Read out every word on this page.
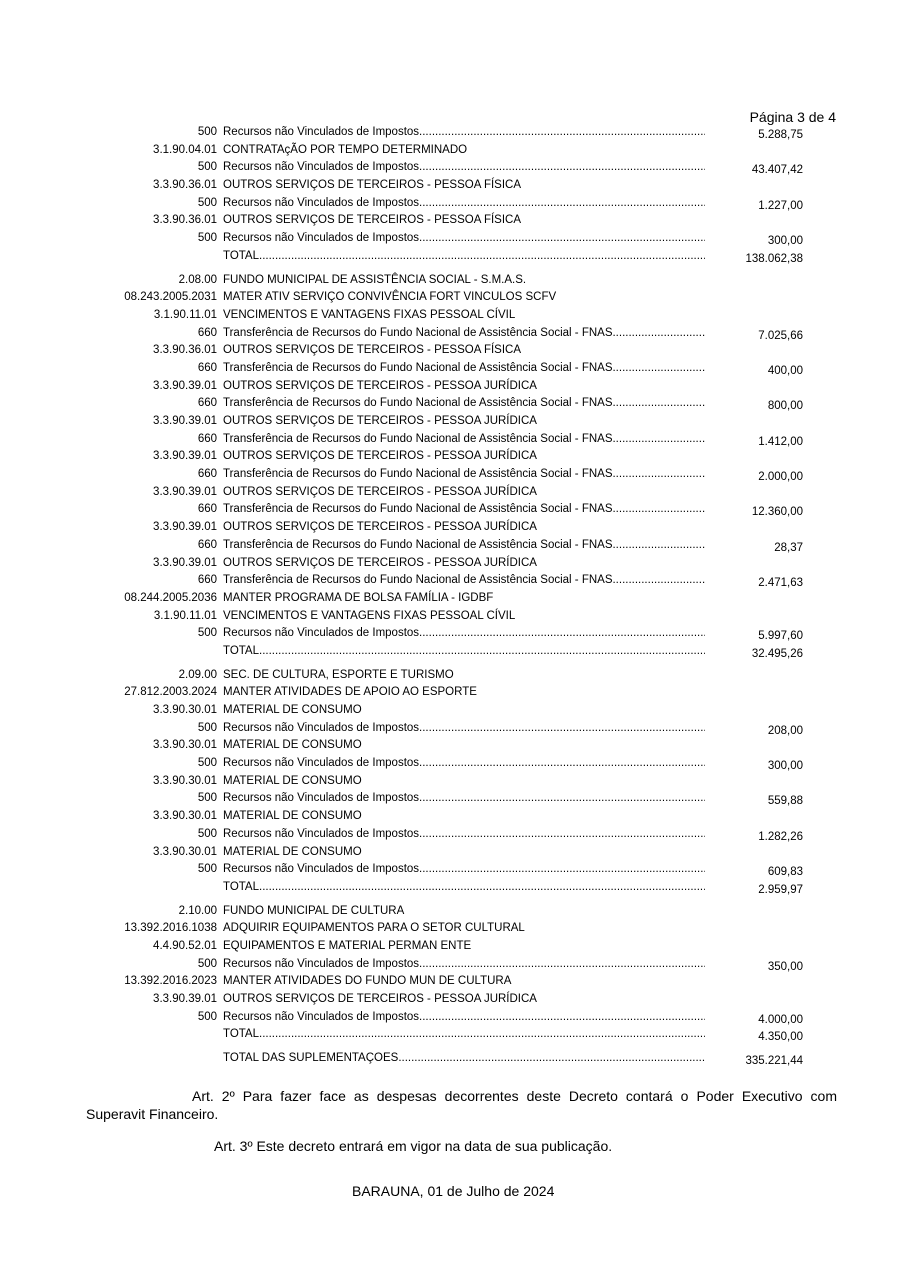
Página 3 de 4
500 Recursos não Vinculados de Impostos .....	5.288,75
3.1.90.04.01 CONTRATAçÃO POR TEMPO DETERMINADO
500 Recursos não Vinculados de Impostos .....	43.407,42
3.3.90.36.01 OUTROS SERVIÇOS DE TERCEIROS - PESSOA FÍSICA
500 Recursos não Vinculados de Impostos .....	1.227,00
3.3.90.36.01 OUTROS SERVIÇOS DE TERCEIROS - PESSOA FÍSICA
500 Recursos não Vinculados de Impostos .....	300,00
TOTAL .....	138.062,38
2.08.00 FUNDO MUNICIPAL DE ASSISTÊNCIA SOCIAL - S.M.A.S.
08.243.2005.2031 MATER ATIV SERVIÇO CONVIVÊNCIA FORT VINCULOS SCFV
3.1.90.11.01 VENCIMENTOS E VANTAGENS FIXAS PESSOAL CÍVIL
660 Transferência de Recursos do Fundo Nacional de Assistência Social - FNAS .....	7.025,66
3.3.90.36.01 OUTROS SERVIÇOS DE TERCEIROS - PESSOA FÍSICA
660 Transferência de Recursos do Fundo Nacional de Assistência Social - FNAS .....	400,00
3.3.90.39.01 OUTROS SERVIÇOS DE TERCEIROS - PESSOA JURÍDICA
660 Transferência de Recursos do Fundo Nacional de Assistência Social - FNAS .....	800,00
3.3.90.39.01 OUTROS SERVIÇOS DE TERCEIROS - PESSOA JURÍDICA
660 Transferência de Recursos do Fundo Nacional de Assistência Social - FNAS .....	1.412,00
3.3.90.39.01 OUTROS SERVIÇOS DE TERCEIROS - PESSOA JURÍDICA
660 Transferência de Recursos do Fundo Nacional de Assistência Social - FNAS .....	2.000,00
3.3.90.39.01 OUTROS SERVIÇOS DE TERCEIROS - PESSOA JURÍDICA
660 Transferência de Recursos do Fundo Nacional de Assistência Social - FNAS .....	12.360,00
3.3.90.39.01 OUTROS SERVIÇOS DE TERCEIROS - PESSOA JURÍDICA
660 Transferência de Recursos do Fundo Nacional de Assistência Social - FNAS .....	28,37
3.3.90.39.01 OUTROS SERVIÇOS DE TERCEIROS - PESSOA JURÍDICA
660 Transferência de Recursos do Fundo Nacional de Assistência Social - FNAS .....	2.471,63
08.244.2005.2036 MANTER PROGRAMA DE BOLSA FAMÍLIA - IGDBF
3.1.90.11.01 VENCIMENTOS E VANTAGENS FIXAS PESSOAL CÍVIL
500 Recursos não Vinculados de Impostos .....	5.997,60
TOTAL .....	32.495,26
2.09.00 SEC. DE CULTURA, ESPORTE E TURISMO
27.812.2003.2024 MANTER ATIVIDADES DE APOIO AO ESPORTE
3.3.90.30.01 MATERIAL DE CONSUMO
500 Recursos não Vinculados de Impostos .....	208,00
3.3.90.30.01 MATERIAL DE CONSUMO
500 Recursos não Vinculados de Impostos .....	300,00
3.3.90.30.01 MATERIAL DE CONSUMO
500 Recursos não Vinculados de Impostos .....	559,88
3.3.90.30.01 MATERIAL DE CONSUMO
500 Recursos não Vinculados de Impostos .....	1.282,26
3.3.90.30.01 MATERIAL DE CONSUMO
500 Recursos não Vinculados de Impostos .....	609,83
TOTAL .....	2.959,97
2.10.00 FUNDO MUNICIPAL DE CULTURA
13.392.2016.1038 ADQUIRIR EQUIPAMENTOS PARA O SETOR CULTURAL
4.4.90.52.01 EQUIPAMENTOS E MATERIAL PERMAN ENTE
500 Recursos não Vinculados de Impostos .....	350,00
13.392.2016.2023 MANTER ATIVIDADES DO FUNDO MUN DE CULTURA
3.3.90.39.01 OUTROS SERVIÇOS DE TERCEIROS - PESSOA JURÍDICA
500 Recursos não Vinculados de Impostos .....	4.000,00
TOTAL .....	4.350,00
TOTAL DAS SUPLEMENTAÇÕES .....	335.221,44
Art. 2º Para fazer face as despesas decorrentes deste Decreto contará o Poder Executivo com Superavit Financeiro.
Art. 3º Este decreto entrará em vigor na data de sua publicação.
BARAUNA, 01 de Julho de 2024
